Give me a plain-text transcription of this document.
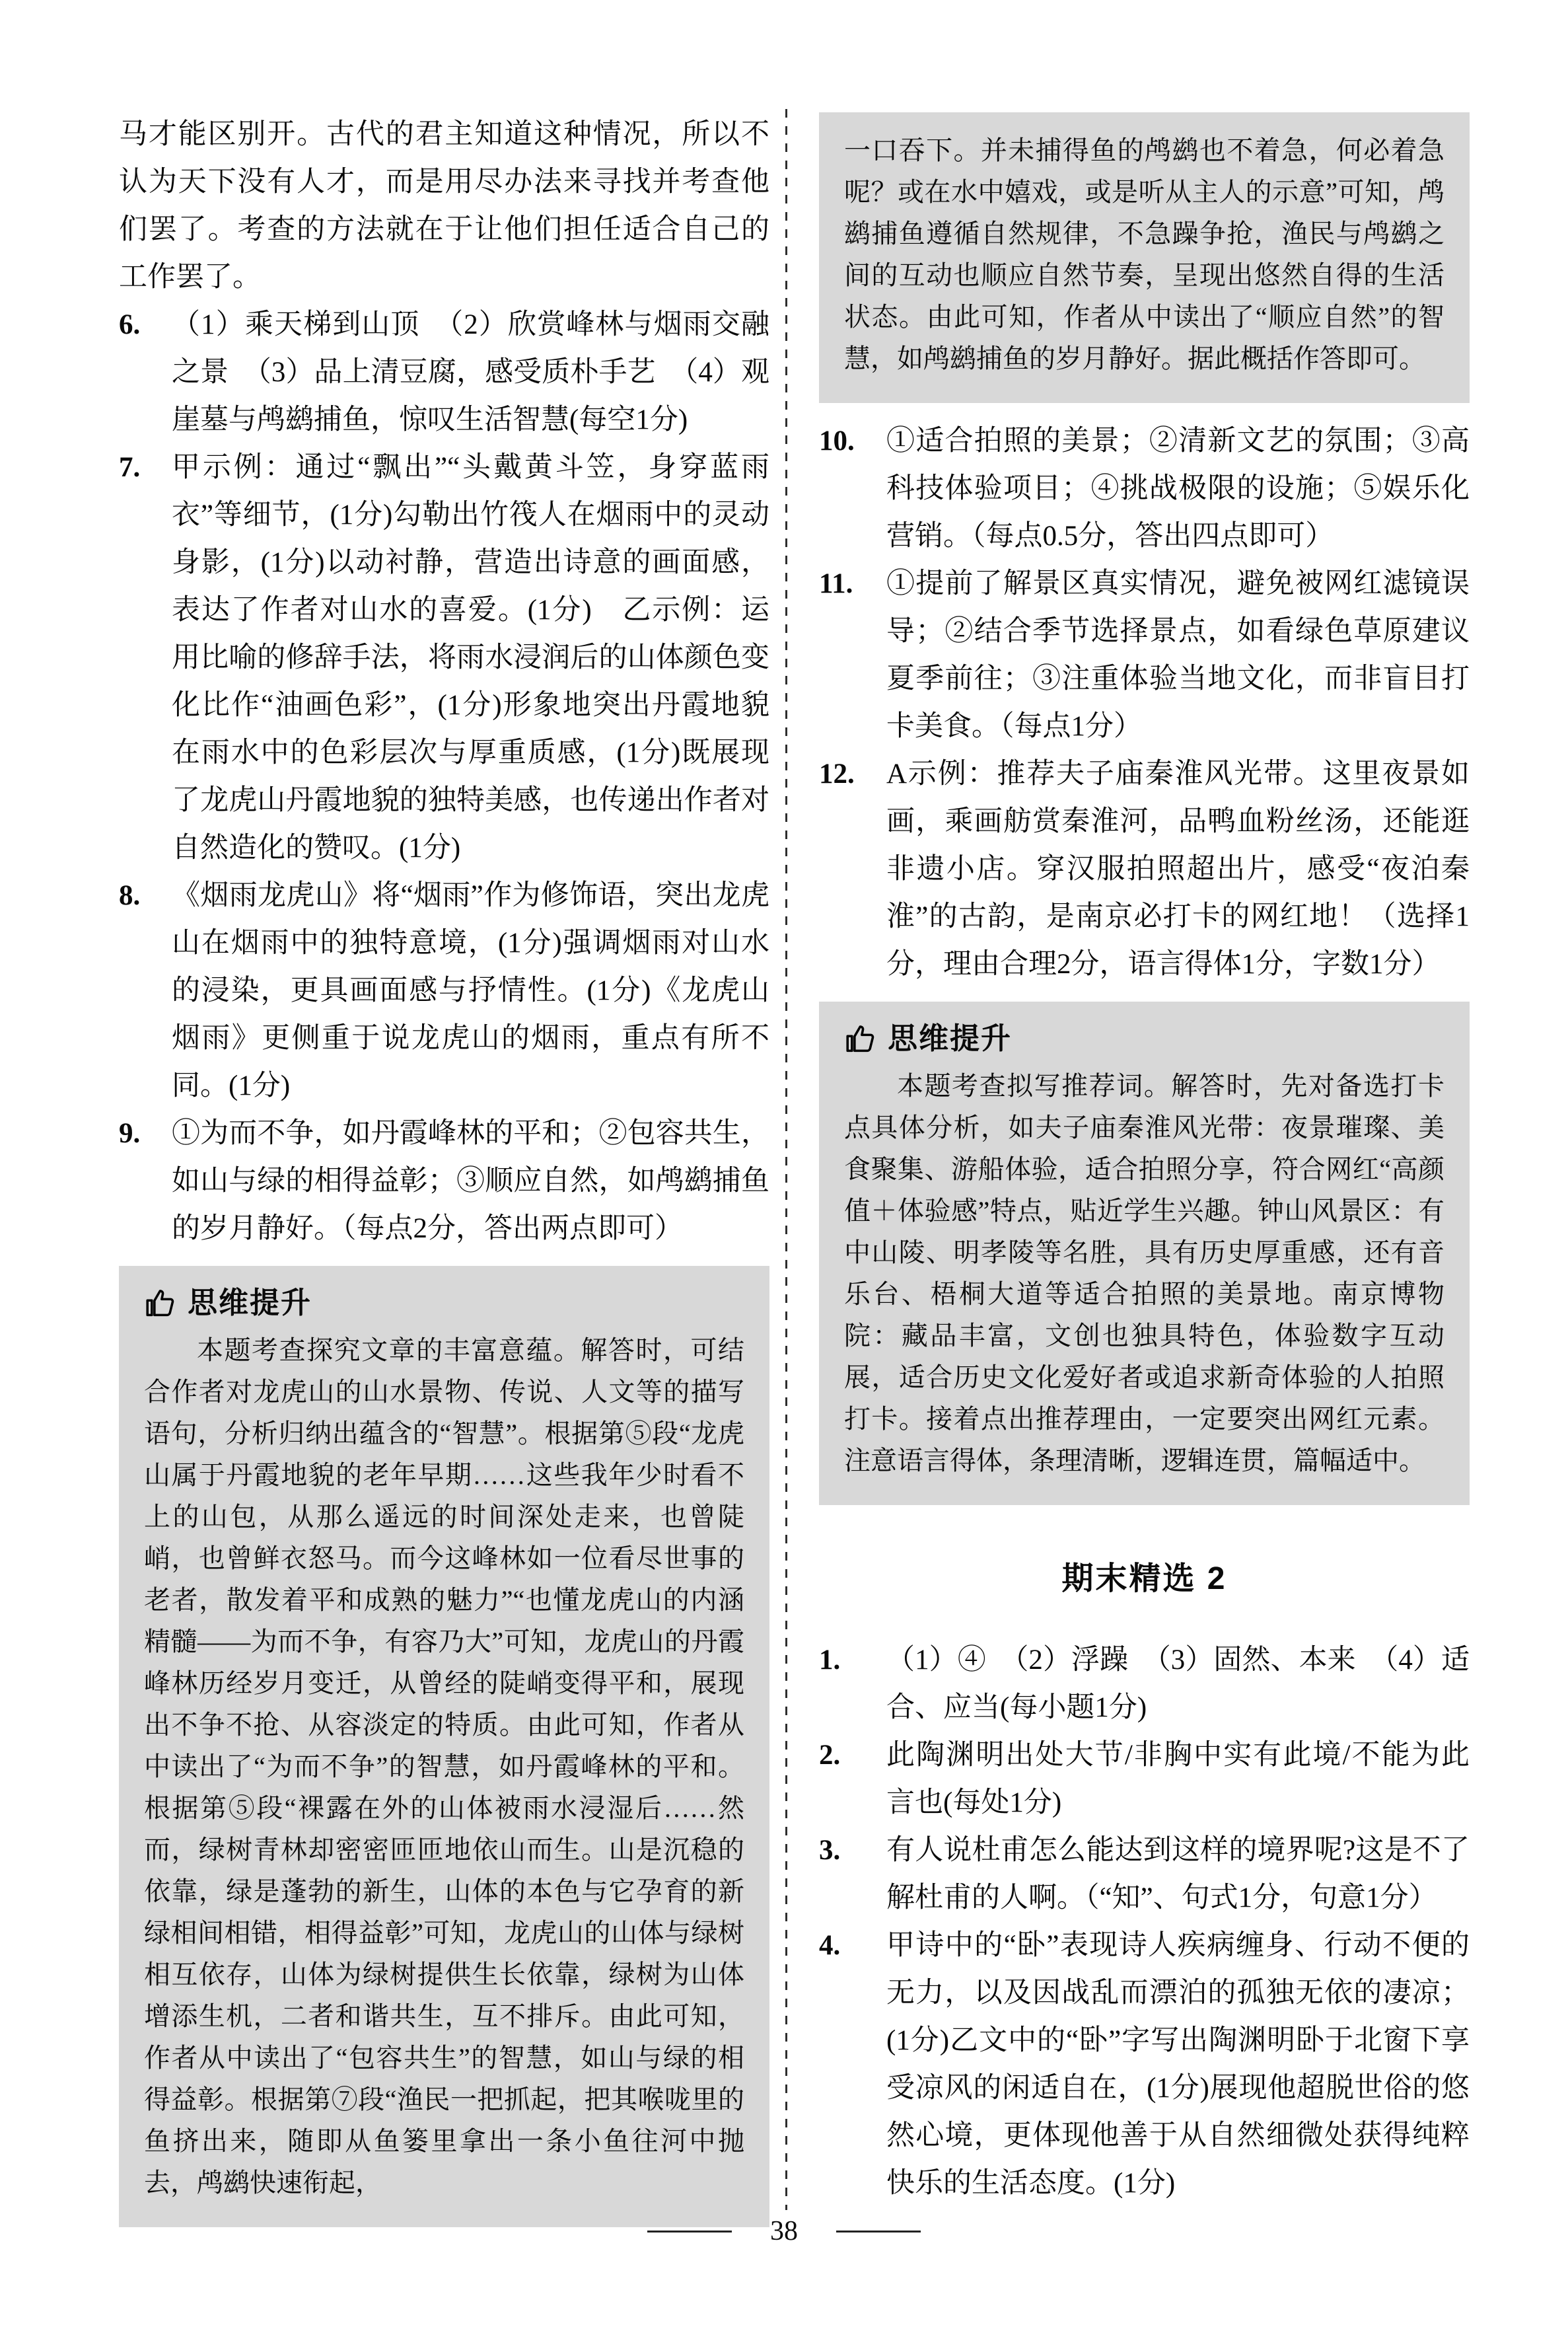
马才能区别开。古代的君主知道这种情况，所以不认为天下没有人才，而是用尽办法来寻找并考查他们罢了。考查的方法就在于让他们担任适合自己的工作罢了。

6.	（1）乘天梯到山顶　（2）欣赏峰林与烟雨交融之景　（3）品上清豆腐，感受质朴手艺　（4）观崖墓与鸬鹚捕鱼，惊叹生活智慧(每空1分)
7.	甲示例：通过“飘出”“头戴黄斗笠，身穿蓝雨衣”等细节，(1分)勾勒出竹筏人在烟雨中的灵动身影，(1分)以动衬静，营造出诗意的画面感，表达了作者对山水的喜爱。(1分)　乙示例：运用比喻的修辞手法，将雨水浸润后的山体颜色变化比作“油画色彩”，(1分)形象地突出丹霞地貌在雨水中的色彩层次与厚重质感，(1分)既展现了龙虎山丹霞地貌的独特美感，也传递出作者对自然造化的赞叹。(1分)
8.	《烟雨龙虎山》将“烟雨”作为修饰语，突出龙虎山在烟雨中的独特意境，(1分)强调烟雨对山水的浸染，更具画面感与抒情性。(1分)《龙虎山烟雨》更侧重于说龙虎山的烟雨，重点有所不同。(1分)
9.	①为而不争，如丹霞峰林的平和；②包容共生，如山与绿的相得益彰；③顺应自然，如鸬鹚捕鱼的岁月静好。（每点2分，答出两点即可）
思维提升

本题考查探究文章的丰富意蕴。解答时，可结合作者对龙虎山的山水景物、传说、人文等的描写语句，分析归纳出蕴含的“智慧”。根据第⑤段“龙虎山属于丹霞地貌的老年早期……这些我年少时看不上的山包，从那么遥远的时间深处走来，也曾陡峭，也曾鲜衣怒马。而今这峰林如一位看尽世事的老者，散发着平和成熟的魅力”“也懂龙虎山的内涵精髓——为而不争，有容乃大”可知，龙虎山的丹霞峰林历经岁月变迁，从曾经的陡峭变得平和，展现出不争不抢、从容淡定的特质。由此可知，作者从中读出了“为而不争”的智慧，如丹霞峰林的平和。根据第⑤段“裸露在外的山体被雨水浸湿后……然而，绿树青林却密密匝匝地依山而生。山是沉稳的依靠，绿是蓬勃的新生，山体的本色与它孕育的新绿相间相错，相得益彰”可知，龙虎山的山体与绿树相互依存，山体为绿树提供生长依靠，绿树为山体增添生机，二者和谐共生，互不排斥。由此可知，作者从中读出了“包容共生”的智慧，如山与绿的相得益彰。根据第⑦段“渔民一把抓起，把其喉咙里的鱼挤出来，随即从鱼篓里拿出一条小鱼往河中抛去，鸬鹚快速衔起，

一口吞下。并未捕得鱼的鸬鹚也不着急，何必着急呢？或在水中嬉戏，或是听从主人的示意”可知，鸬鹚捕鱼遵循自然规律，不急躁争抢，渔民与鸬鹚之间的互动也顺应自然节奏，呈现出悠然自得的生活状态。由此可知，作者从中读出了“顺应自然”的智慧，如鸬鹚捕鱼的岁月静好。据此概括作答即可。

10.	①适合拍照的美景；②清新文艺的氛围；③高科技体验项目；④挑战极限的设施；⑤娱乐化营销。（每点0.5分，答出四点即可）
11.	①提前了解景区真实情况，避免被网红滤镜误导；②结合季节选择景点，如看绿色草原建议夏季前往；③注重体验当地文化，而非盲目打卡美食。（每点1分）
12.	A示例：推荐夫子庙秦淮风光带。这里夜景如画，乘画舫赏秦淮河，品鸭血粉丝汤，还能逛非遗小店。穿汉服拍照超出片，感受“夜泊秦淮”的古韵，是南京必打卡的网红地！（选择1分，理由合理2分，语言得体1分，字数1分）
思维提升

本题考查拟写推荐词。解答时，先对备选打卡点具体分析，如夫子庙秦淮风光带：夜景璀璨、美食聚集、游船体验，适合拍照分享，符合网红“高颜值＋体验感”特点，贴近学生兴趣。钟山风景区：有中山陵、明孝陵等名胜，具有历史厚重感，还有音乐台、梧桐大道等适合拍照的美景地。南京博物院：藏品丰富，文创也独具特色，体验数字互动展，适合历史文化爱好者或追求新奇体验的人拍照打卡。接着点出推荐理由，一定要突出网红元素。注意语言得体，条理清晰，逻辑连贯，篇幅适中。

期末精选 2
1.	（1）④　（2）浮躁　（3）固然、本来　（4）适合、应当(每小题1分)
2.	此陶渊明出处大节/非胸中实有此境/不能为此言也(每处1分)
3.	有人说杜甫怎么能达到这样的境界呢?这是不了解杜甫的人啊。（“知”、句式1分，句意1分）
4.	甲诗中的“卧”表现诗人疾病缠身、行动不便的无力，以及因战乱而漂泊的孤独无依的凄凉；(1分)乙文中的“卧”字写出陶渊明卧于北窗下享受凉风的闲适自在，(1分)展现他超脱世俗的悠然心境，更体现他善于从自然细微处获得纯粹快乐的生活态度。(1分)
38
